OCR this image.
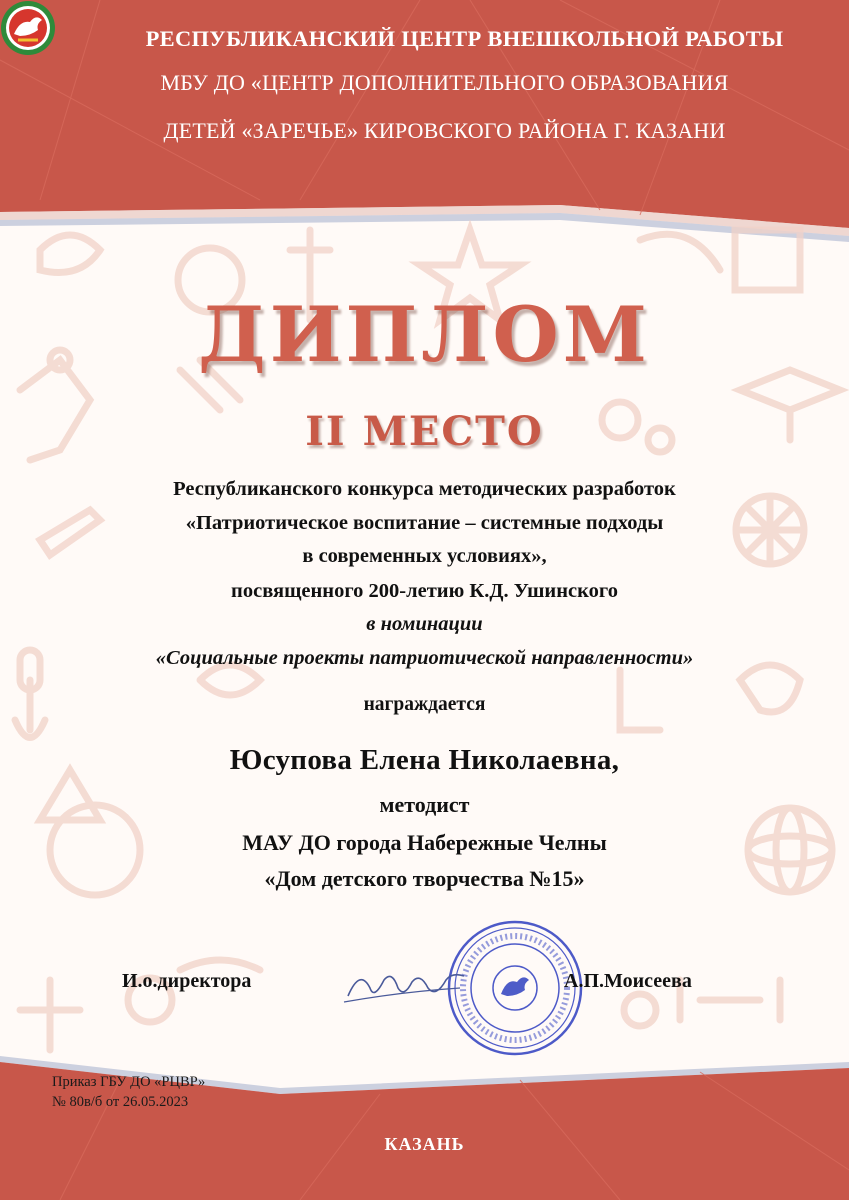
РЕСПУБЛИКАНСКИЙ ЦЕНТР ВНЕШКОЛЬНОЙ РАБОТЫ
МБУ ДО «ЦЕНТР ДОПОЛНИТЕЛЬНОГО ОБРАЗОВАНИЯ
ДЕТЕЙ «ЗАРЕЧЬЕ» КИРОВСКОГО РАЙОНА Г. КАЗАНИ
ДИПЛОМ
II МЕСТО
Республиканского конкурса методических разработок
«Патриотическое воспитание – системные подходы
в современных условиях»,
посвященного 200-летию К.Д. Ушинского
в номинации
«Социальные проекты патриотической направленности»
награждается
Юсупова Елена Николаевна,
методист
МАУ ДО города Набережные Челны
«Дом детского творчества №15»
И.о.директора	А.П.Моисеева
Приказ ГБУ ДО «РЦВР»
№ 80в/б от 26.05.2023
КАЗАНЬ
